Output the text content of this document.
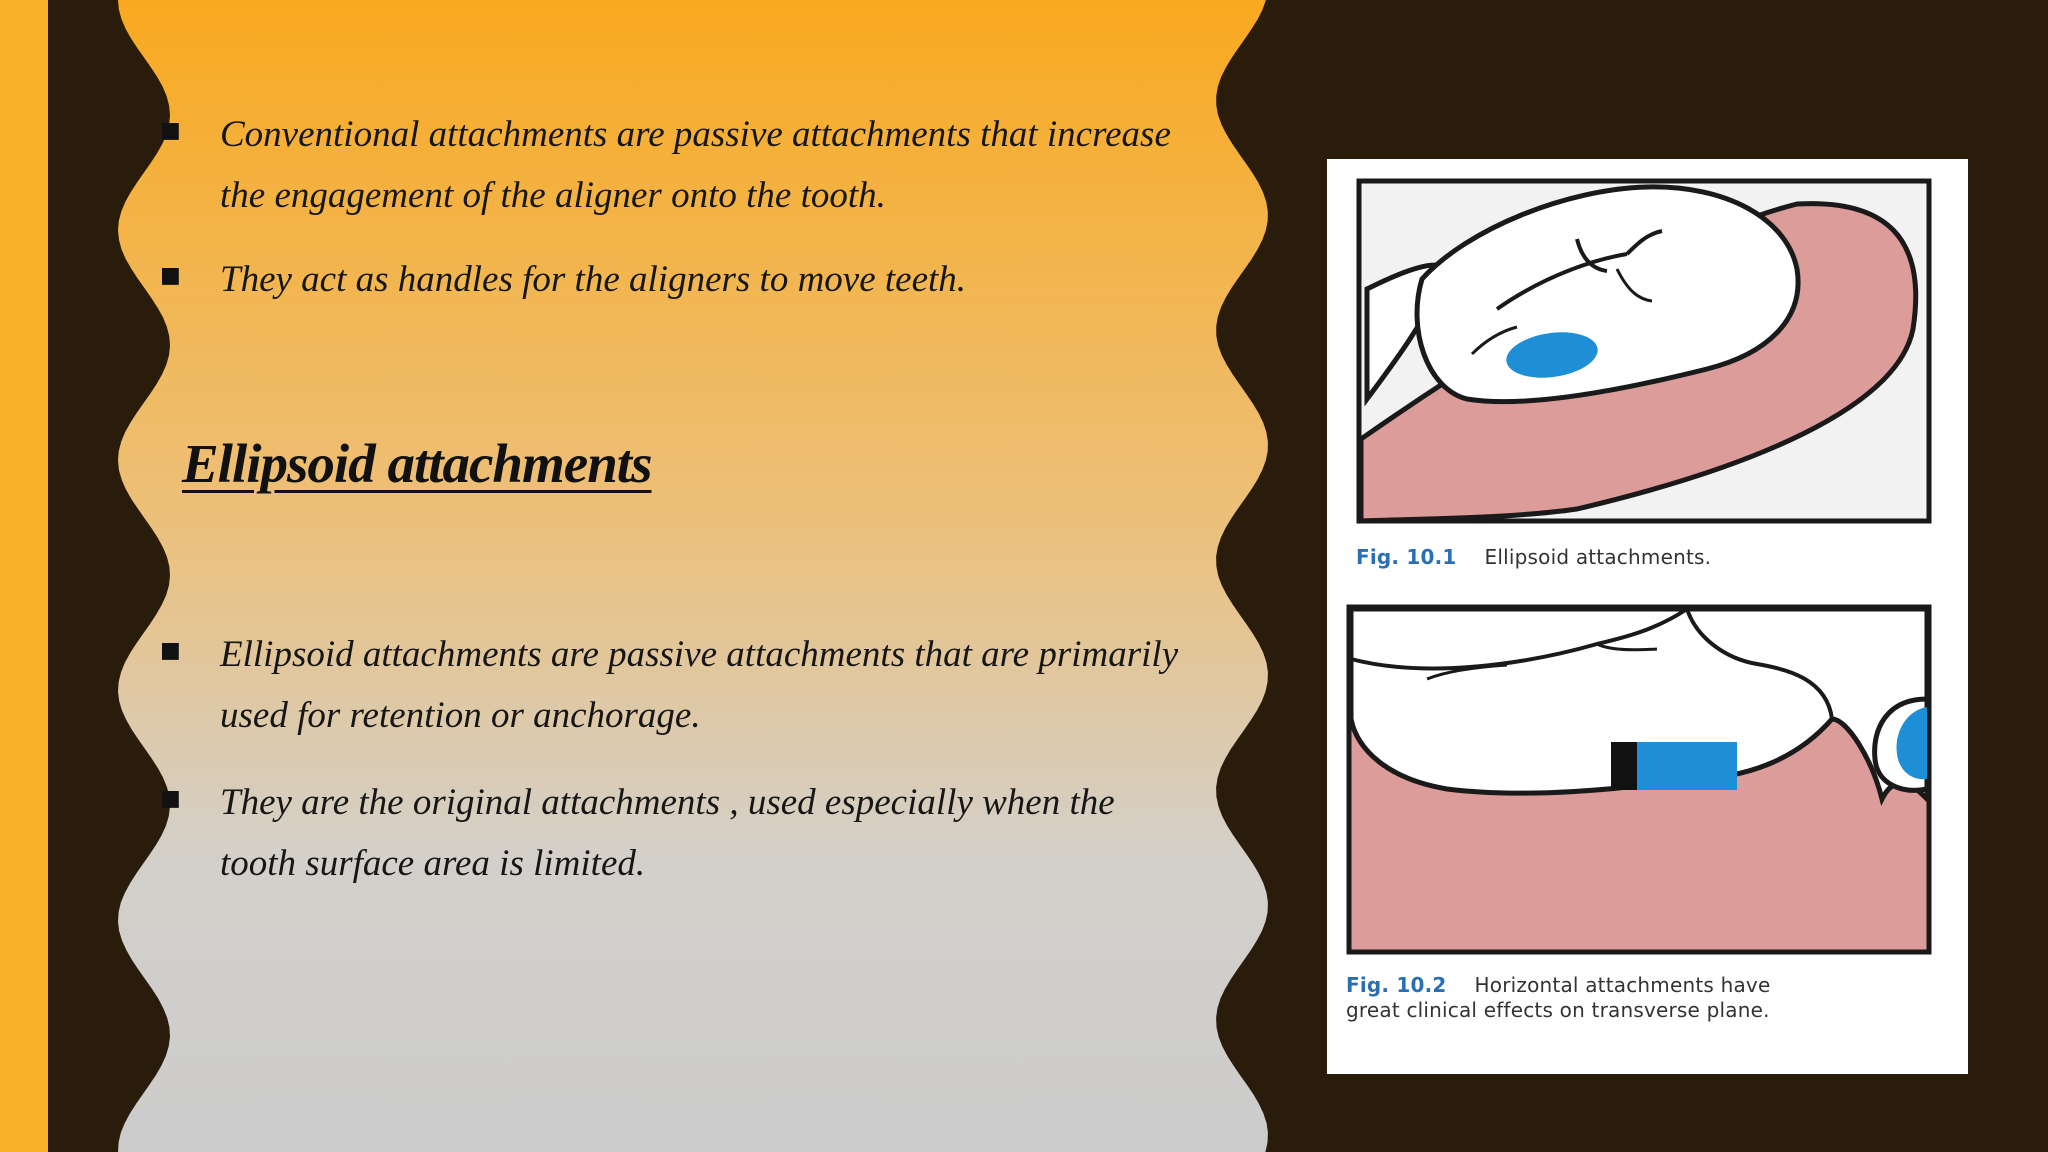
■	Conventional attachments are passive attachments that increase the engagement of the aligner onto the tooth.
■	They act as handles for the aligners to move teeth.
Ellipsoid attachments
■	Ellipsoid attachments are passive attachments that are primarily used for retention or anchorage.
■	They are the original attachments , used especially when the tooth surface area is limited.
Fig. 10.1 Ellipsoid attachments.
Fig. 10.2 Horizontal attachments have
great clinical effects on transverse plane.
